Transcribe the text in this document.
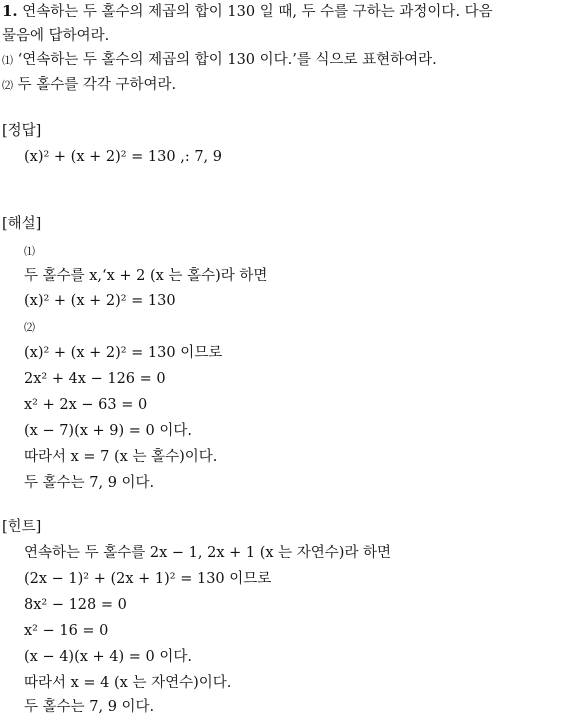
1. 연속하는 두 홀수의 제곱의 합이 130 일 때, 두 수를 구하는 과정이다. 다음
물음에 답하여라.
⑴ ‘연속하는 두 홀수의 제곱의 합이 130 이다.’를 식으로 표현하여라.
⑵ 두 홀수를 각각 구하여라.
[정답]
(x)² + (x + 2)² = 130 ,: 7, 9
[해설]
⑴
두 홀수를 x,‘x + 2 (x 는 홀수)라 하면
(x)² + (x + 2)² = 130
⑵
(x)² + (x + 2)² = 130 이므로
2x² + 4x − 126 = 0
x² + 2x − 63 = 0
(x − 7)(x + 9) = 0 이다.
따라서 x = 7 (x 는 홀수)이다.
두 홀수는 7, 9 이다.
[힌트]
연속하는 두 홀수를 2x − 1, 2x + 1 (x 는 자연수)라 하면
(2x − 1)² + (2x + 1)² = 130 이므로
8x² − 128 = 0
x² − 16 = 0
(x − 4)(x + 4) = 0 이다.
따라서 x = 4 (x 는 자연수)이다.
두 홀수는 7, 9 이다.
